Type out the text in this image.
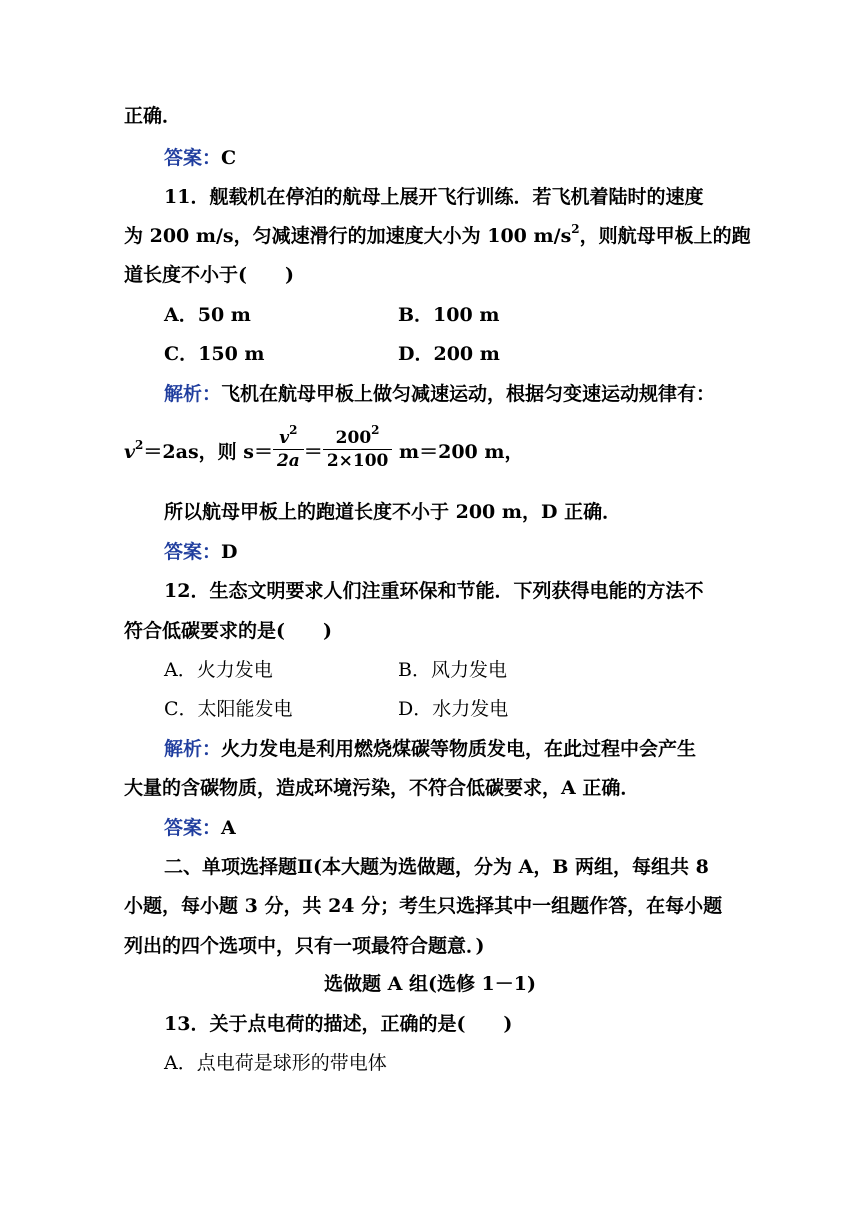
正确．
答案：C
11．舰载机在停泊的航母上展开飞行训练．若飞机着陆时的速度
为 200 m/s，匀减速滑行的加速度大小为 100 $m/s^2$，则航母甲板上的跑
道长度不小于(　　)
A．50 m	B．100 m
C．150 m	D．200 m
解析：飞机在航母甲板上做匀减速运动，根据匀变速运动规律有：
$v^2=2as$，则 $s= \frac{v^2}{2a} = \frac{200^2}{2\times 100} m=200$ m，
所以航母甲板上的跑道长度不小于 200 m，D 正确．
答案：D
12．生态文明要求人们注重环保和节能．下列获得电能的方法不
符合低碳要求的是(　　)
A．火力发电	B．风力发电
C．太阳能发电	D．水力发电
解析：火力发电是利用燃烧煤碳等物质发电，在此过程中会产生
大量的含碳物质，造成环境污染，不符合低碳要求，A 正确．
答案：A
二、单项选择题Ⅱ(本大题为选做题，分为 A，B 两组，每组共 8
小题，每小题 3 分，共 24 分；考生只选择其中一组题作答，在每小题
列出的四个选项中，只有一项最符合题意．)
选做题 A 组(选修 1－1)
13．关于点电荷的描述，正确的是(　　)
A．点电荷是球形的带电体
